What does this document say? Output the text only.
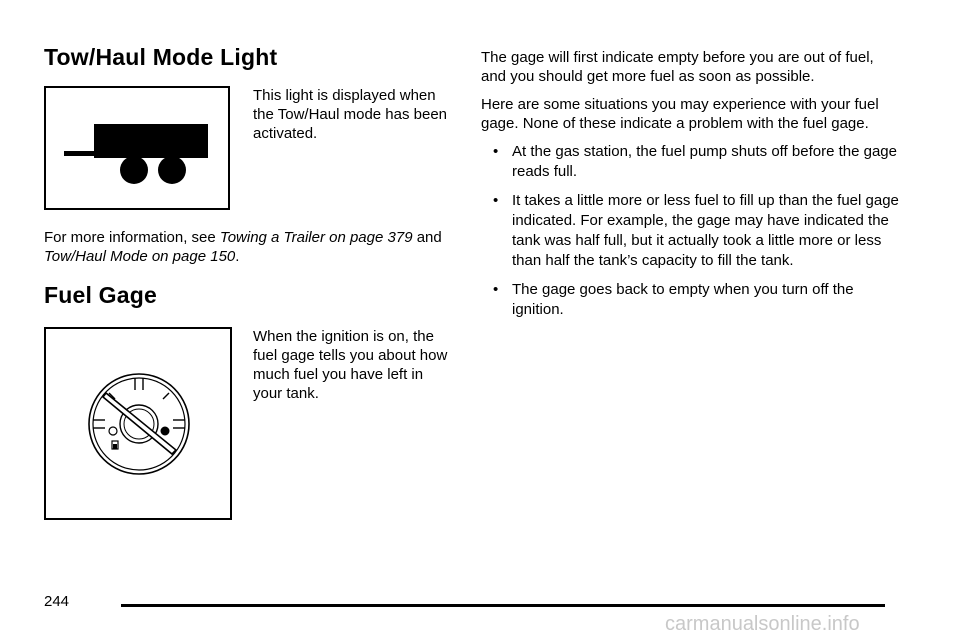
Tow/Haul Mode Light
This light is displayed when the Tow/Haul mode has been activated.

For more information, see Towing a Trailer on page 379 and Tow/Haul Mode on page 150.

Fuel Gage
When the ignition is on, the fuel gage tells you about how much fuel you have left in your tank.

The gage will first indicate empty before you are out of fuel, and you should get more fuel as soon as possible.

Here are some situations you may experience with your fuel gage. None of these indicate a problem with the fuel gage.

• At the gas station, the fuel pump shuts off before the gage reads full.
• It takes a little more or less fuel to fill up than the fuel gage indicated. For example, the gage may have indicated the tank was half full, but it actually took a little more or less than half the tank’s capacity to fill the tank.
• The gage goes back to empty when you turn off the ignition.
244
carmanualsonline.info
